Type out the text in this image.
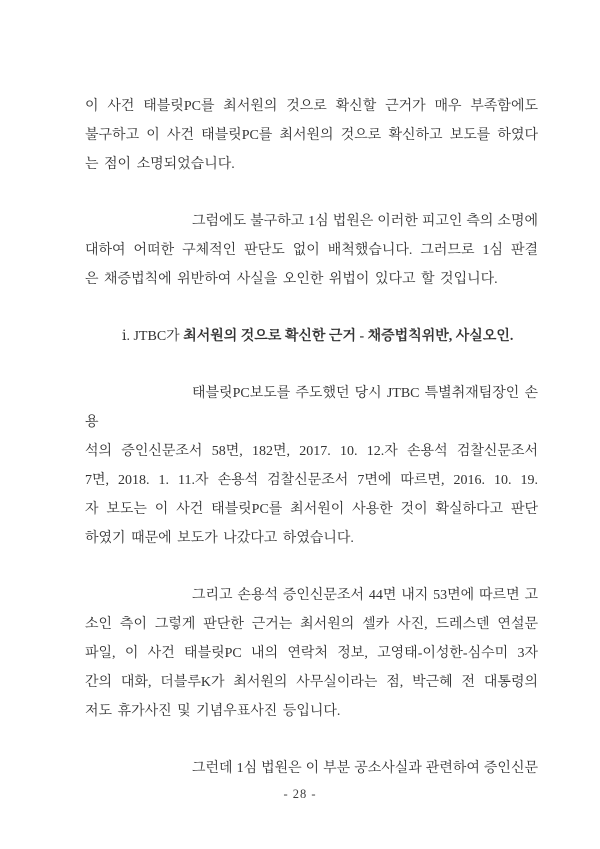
이 사건 태블릿PC를 최서원의 것으로 확신할 근거가 매우 부족함에도
불구하고 이 사건 태블릿PC를 최서원의 것으로 확신하고 보도를 하였다
는 점이 소명되었습니다.
그럼에도 불구하고 1심 법원은 이러한 피고인 측의 소명에
대하여 어떠한 구체적인 판단도 없이 배척했습니다. 그러므로 1심 판결
은 채증법칙에 위반하여 사실을 오인한 위법이 있다고 할 것입니다.
ⅰ. JTBC가 최서원의 것으로 확신한 근거 - 채증법칙위반, 사실오인.
태블릿PC보도를 주도했던 당시 JTBC 특별취재팀장인 손용
석의 증인신문조서 58면, 182면, 2017. 10. 12.자 손용석 검찰신문조서
7면, 2018. 1. 11.자 손용석 검찰신문조서 7면에 따르면, 2016. 10. 19.
자 보도는 이 사건 태블릿PC를 최서원이 사용한 것이 확실하다고 판단
하였기 때문에 보도가 나갔다고 하였습니다.
그리고 손용석 증인신문조서 44면 내지 53면에 따르면 고
소인 측이 그렇게 판단한 근거는 최서원의 셀카 사진, 드레스덴 연설문
파일, 이 사건 태블릿PC 내의 연락처 정보, 고영태-이성한-심수미 3자
간의 대화, 더블루K가 최서원의 사무실이라는 점, 박근혜 전 대통령의
저도 휴가사진 및 기념우표사진 등입니다.
그런데 1심 법원은 이 부분 공소사실과 관련하여 증인신문
- 28 -
